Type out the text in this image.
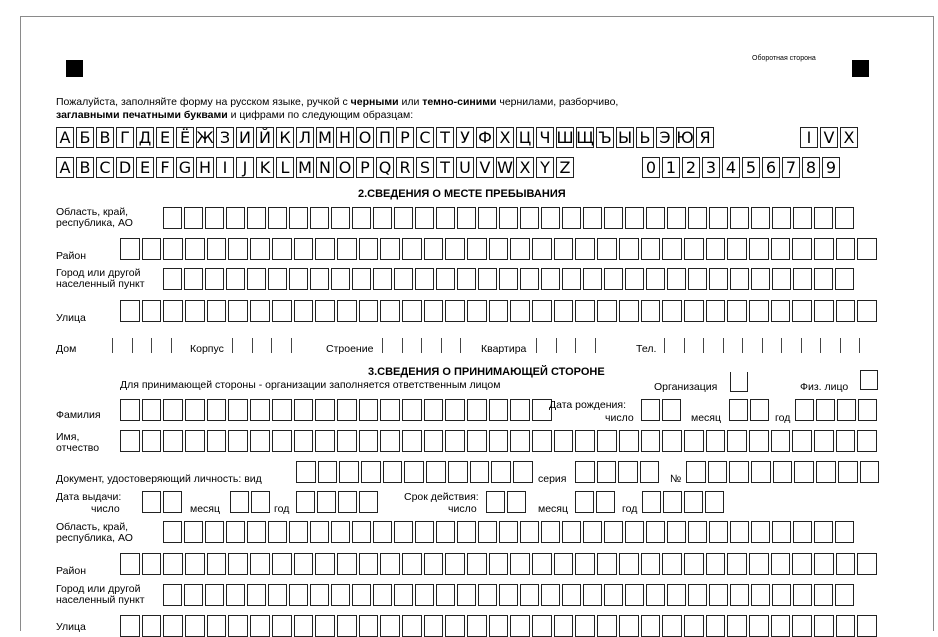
Оборотная сторона
Пожалуйста, заполняйте форму на русском языке, ручкой с черными или темно-синими чернилами, разборчиво,
заглавными печатными буквами и цифрами по следующим образцам:
А Б В Г Д Е Ё Ж З И Й К Л М Н О П Р С Т У Ф Х Ц Ч Ш Щ Ъ Ы Ь Э Ю Я	I V X
A B C D E F G H I J K L M N O P Q R S T U V W X Y Z	0 1 2 3 4 5 6 7 8 9
2.СВЕДЕНИЯ О МЕСТЕ ПРЕБЫВАНИЯ
Область, край,
республика, АО
Район
Город или другой
населенный пункт
Улица
Дом	Корпус	Строение	Квартира	Тел.
3.СВЕДЕНИЯ О ПРИНИМАЮЩЕЙ СТОРОНЕ
Для принимающей стороны - организации заполняется ответственным лицом	Организация	Физ. лицо
Фамилия
Дата рождения:
число	месяц	год
Имя,
отчество
Документ, удостоверяющий личность: вид	серия	№
Дата выдачи:
число	месяц	год
Срок действия:
число	месяц	год
Область, край,
республика, АО
Район
Город или другой
населенный пункт
Улица
